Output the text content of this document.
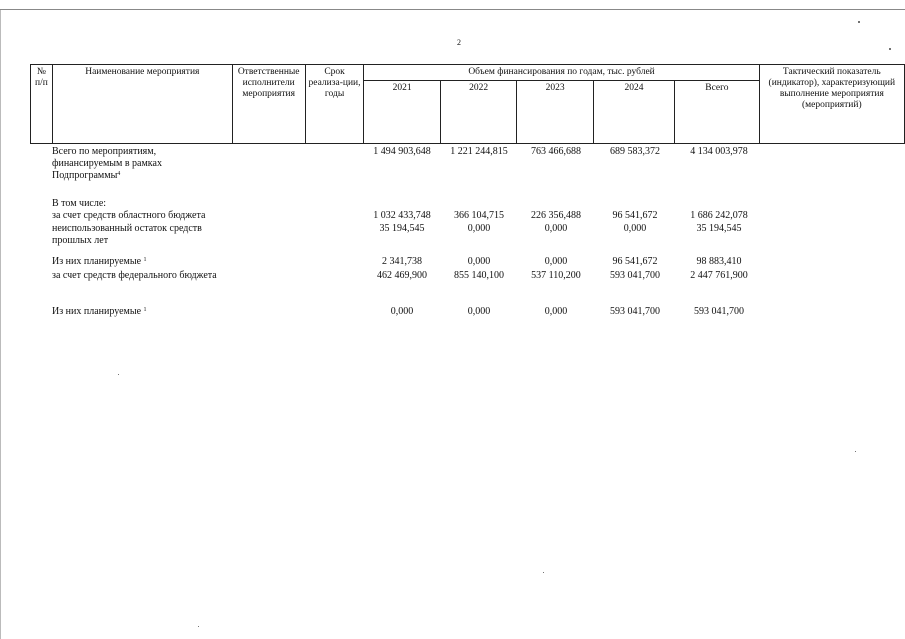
2
№ п/п	Наименование мероприятия	Ответственные исполнители мероприятия	Срок реализа-ции, годы	Объем финансирования по годам, тыс. рублей					Тактический показатель (индикатор), характеризующий выполнение мероприятия (мероприятий)
				2021	2022	2023	2024	Всего	
Всего по мероприятиям,
финансируемым в рамках
Подпрограммы$^4$
1 494 903,648	1 221 244,815	763 466,688	689 583,372	4 134 003,978
В том числе:
за счет средств областного бюджета	1 032 433,748	366 104,715	226 356,488	96 541,672	1 686 242,078
неиспользованный остаток средств
прошлых лет
35 194,545	0,000	0,000	0,000	35 194,545
Из них планируемые $^1$	2 341,738	0,000	0,000	96 541,672	98 883,410
за счет средств федерального бюджета	462 469,900	855 140,100	537 110,200	593 041,700	2 447 761,900
Из них планируемые $^1$	0,000	0,000	0,000	593 041,700	593 041,700
